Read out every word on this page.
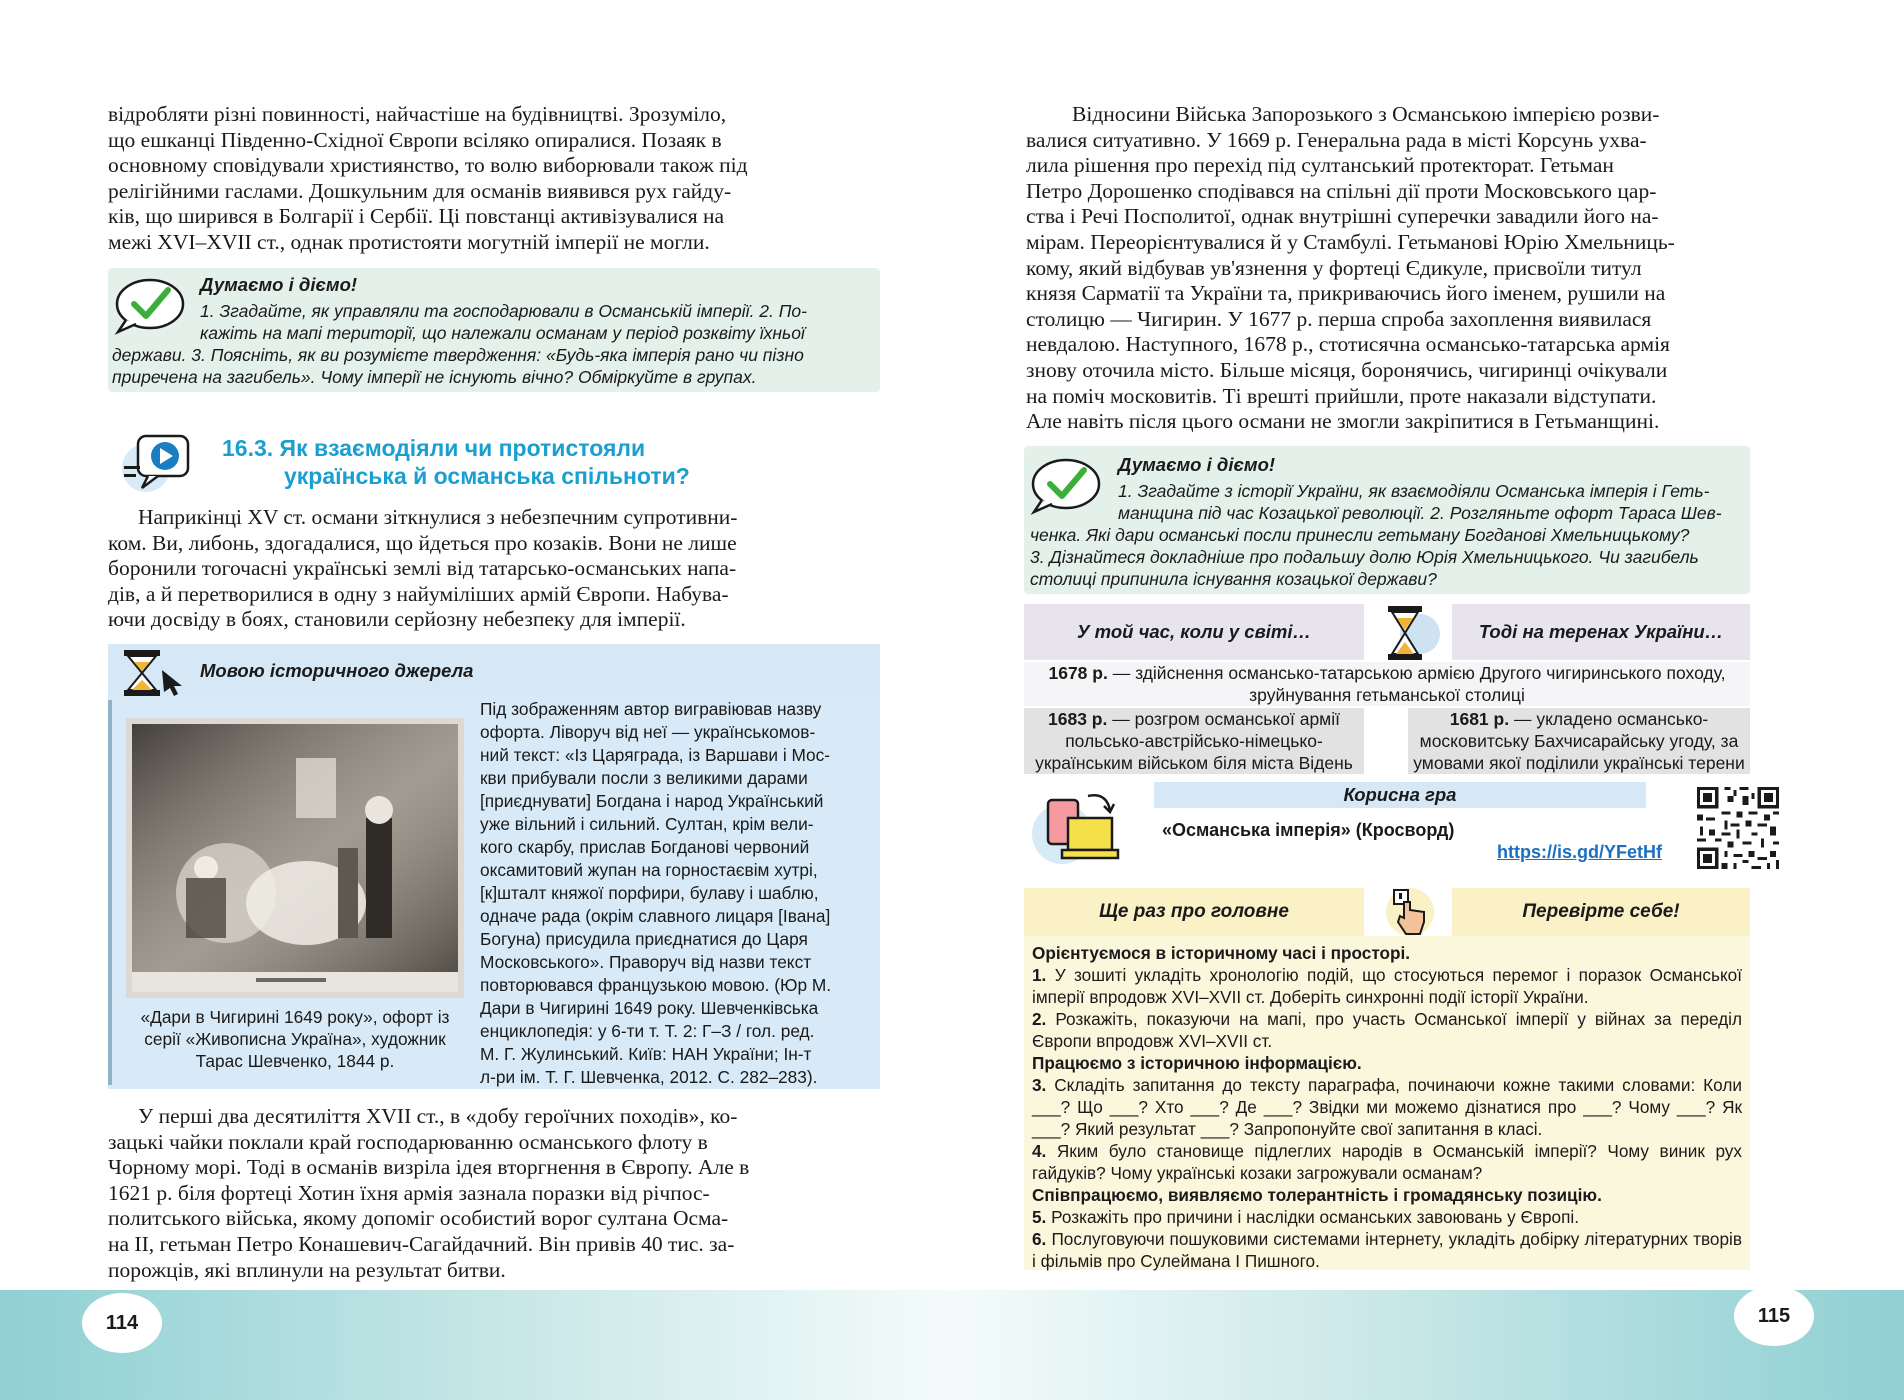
відробляти різні повинності, найчастіше на будівництві. Зрозуміло,
що ешканці Південно-Східної Європи всіляко опиралися. Позаяк в
основному сповідували християнство, то волю виборювали також під
релігійними гаслами. Дошкульним для османів виявився рух гайду-
ків, що ширився в Болгарії і Сербії. Ці повстанці активізувалися на
межі XVI–XVII ст., однак протистояти могутній імперії не могли.
Думаємо і діємо!
1. Згадайте, як управляли та господарювали в Османській імперії. 2. По-
кажіть на мапі території, що належали османам у період розквіту їхньої
держави. 3. Поясніть, як ви розумієте твердження: «Будь-яка імперія рано чи пізно
приречена на загибель». Чому імперії не існують вічно? Обміркуйте в групах.
16.3. Як взаємодіяли чи протистояли
українська й османська спільноти?
Наприкінці XV ст. османи зіткнулися з небезпечним супротивни-
ком. Ви, либонь, здогадалися, що йдеться про козаків. Вони не лише
боронили тогочасні українські землі від татарсько-османських напа-
дів, а й перетворилися в одну з найуміліших армій Європи. Набува-
ючи досвіду в боях, становили серйозну небезпеку для імперії.
Мовою історичного джерела
«Дари в Чигирині 1649 року», офорт із
серії «Живописна Україна», художник
Тарас Шевченко, 1844 р.
Під зображенням автор вигравіював назву
офорта. Ліворуч від неї — українськомов-
ний текст: «Із Царяграда, із Варшави і Мос-
кви прибували посли з великими дарами
[приєднувати] Богдана і народ Український
уже вільний і сильний. Султан, крім вели-
кого скарбу, прислав Богданові червоний
оксамитовий жупан на горностаєвім хутрі,
[к]шталт княжої порфири, булаву і шаблю,
одначе рада (окрім славного лицаря [Івана]
Богуна) присудила приєднатися до Царя
Московського». Праворуч від назви текст
повторювався французькою мовою. (Юр М.
Дари в Чигирині 1649 року. Шевченківська
енциклопедія: у 6-ти т. Т. 2: Г–З / гол. ред.
М. Г. Жулинський. Київ: НАН України; Ін-т
л-ри ім. Т. Г. Шевченка, 2012. С. 282–283).
У перші два десятиліття XVII ст., в «добу героїчних походів», ко-
зацькі чайки поклали край господарюванню османського флоту в
Чорному морі. Тоді в османів визріла ідея вторгнення в Європу. Але в
1621 р. біля фортеці Хотин їхня армія зазнала поразки від річпос-
политського війська, якому допоміг особистий ворог султана Осма-
на II, гетьман Петро Конашевич-Сагайдачний. Він привів 40 тис. за-
порожців, які вплинули на результат битви.
114
Відносини Війська Запорозького з Османською імперією розви-
валися ситуативно. У 1669 р. Генеральна рада в місті Корсунь ухва-
лила рішення про перехід під султанський протекторат. Гетьман
Петро Дорошенко сподівався на спільні дії проти Московського цар-
ства і Речі Посполитої, однак внутрішні суперечки завадили його на-
мірам. Переорієнтувалися й у Стамбулі. Гетьманові Юрію Хмельниць-
кому, який відбував ув'язнення у фортеці Єдикуле, присвоїли титул
князя Сарматії та України та, прикриваючись його іменем, рушили на
столицю — Чигирин. У 1677 р. перша спроба захоплення виявилася
невдалою. Наступного, 1678 р., стотисячна османсько-татарська армія
знову оточила місто. Більше місяця, боронячись, чигиринці очікували
на поміч московитів. Ті врешті прийшли, проте наказали відступати.
Але навіть після цього османи не змогли закріпитися в Гетьманщині.
Думаємо і діємо!
1. Згадайте з історії України, як взаємодіяли Османська імперія і Геть-
манщина під час Козацької революції. 2. Розгляньте офорт Тараса Шев-
ченка. Які дари османські посли принесли гетьману Богданові Хмельницькому?
3. Дізнайтеся докладніше про подальшу долю Юрія Хмельницького. Чи загибель
столиці припинила існування козацької держави?
У той час, коли у світі…	Тоді на теренах України…
1678 р. — здійснення османсько-татарською армією Другого чигиринського походу,
зруйнування гетьманської столиці
1683 р. — розгром османської армії
польсько-австрійсько-німецько-
українським військом біля міста Відень
1681 р. — укладено османсько-
московитську Бахчисарайську угоду, за
умовами якої поділили українські терени
Корисна гра
«Османська імперія» (Кросворд)
https://is.gd/YFetHf
Ще раз про головне	Перевірте себе!
Орієнтуємося в історичному часі і просторі.
1. У зошиті укладіть хронологію подій, що стосуються перемог і поразок Османської імперії впродовж XVI–XVII ст. Доберіть синхронні події історії України.
2. Розкажіть, показуючи на мапі, про участь Османської імперії у війнах за переділ Європи впродовж XVI–XVII ст.
Працюємо з історичною інформацією.
3. Складіть запитання до тексту параграфа, починаючи кожне такими словами: Коли ___? Що ___? Хто ___? Де ___? Звідки ми можемо дізнатися про ___? Чому ___? Як ___? Який результат ___? Запропонуйте свої запитання в класі.
4. Яким було становище підлеглих народів в Османській імперії? Чому виник рух гайдуків? Чому українські козаки загрожували османам?
Співпрацюємо, виявляємо толерантність і громадянську позицію.
5. Розкажіть про причини і наслідки османських завоювань у Європі.
6. Послуговуючи пошуковими системами інтернету, укладіть добірку літературних творів і фільмів про Сулеймана I Пишного.
115
